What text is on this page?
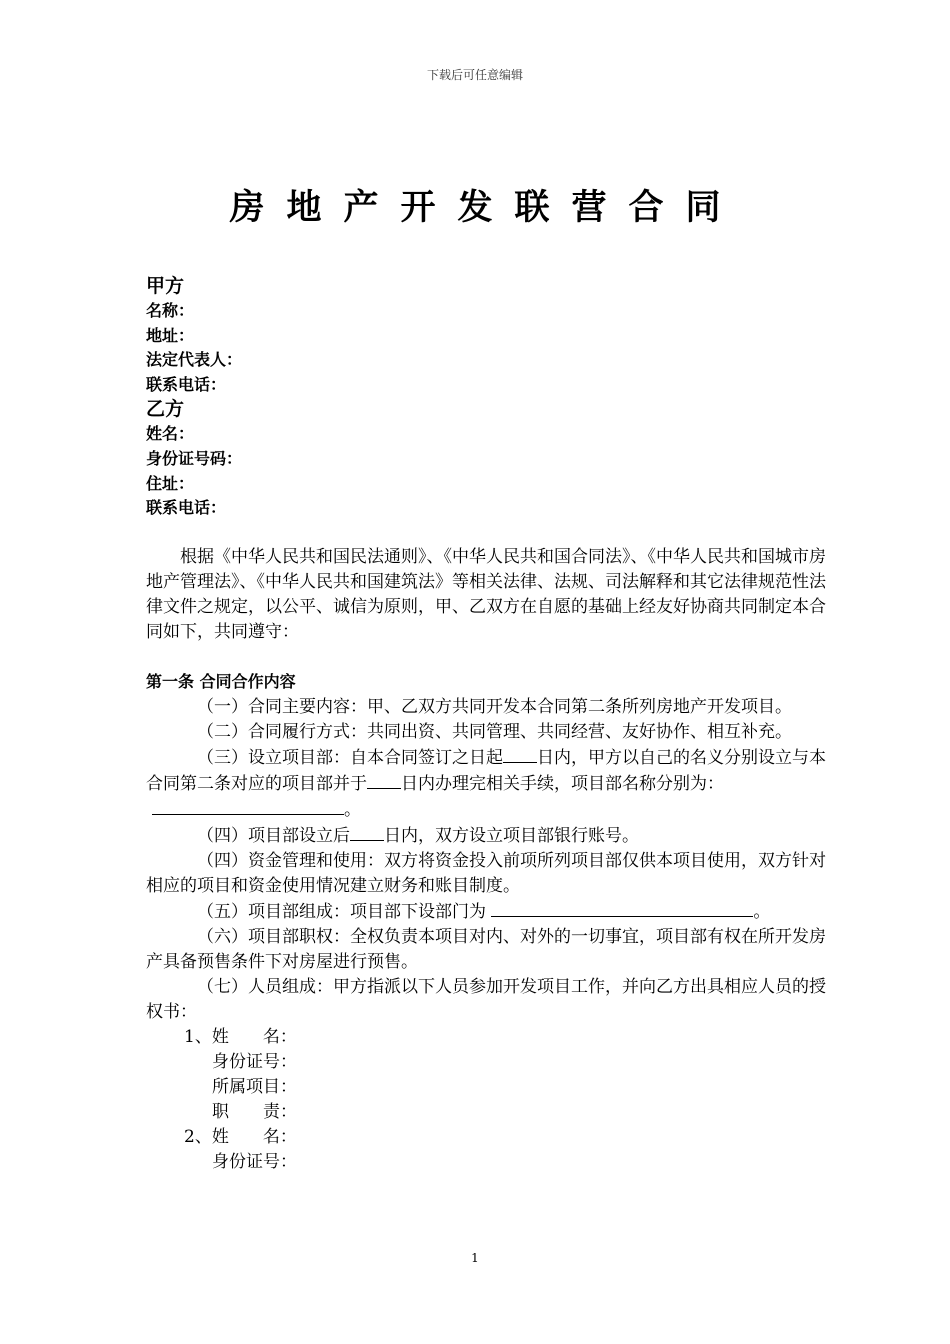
下载后可任意编辑
房地产开发联营合同
甲方
名称：
地址：
法定代表人：
联系电话：
乙方
姓名：
身份证号码：
住址：
联系电话：

根据《中华人民共和国民法通则》、《中华人民共和国合同法》、《中华人民共和国城市房地产管理法》、《中华人民共和国建筑法》等相关法律、法规、司法解释和其它法律规范性法律文件之规定，以公平、诚信为原则，甲、乙双方在自愿的基础上经友好协商共同制定本合同如下，共同遵守：

第一条 合同合作内容

（一）合同主要内容：甲、乙双方共同开发本合同第二条所列房地产开发项目。

（二）合同履行方式：共同出资、共同管理、共同经营、友好协作、相互补充。

（三）设立项目部：自本合同签订之日起 日内，甲方以自己的名义分别设立与本合同第二条对应的项目部并于 日内办理完相关手续，项目部名称分别为：。

（四）项目部设立后 日内，双方设立项目部银行账号。

（四）资金管理和使用：双方将资金投入前项所列项目部仅供本项目使用，双方针对相应的项目和资金使用情况建立财务和账目制度。

（五）项目部组成：项目部下设部门为	。

（六）项目部职权：全权负责本项目对内、对外的一切事宜，项目部有权在所开发房产具备预售条件下对房屋进行预售。

（七）人员组成：甲方指派以下人员参加开发项目工作，并向乙方出具相应人员的授权书：

1、姓　　名：
身份证号：
所属项目：
职　　责：
2、姓　　名：
身份证号：
1
